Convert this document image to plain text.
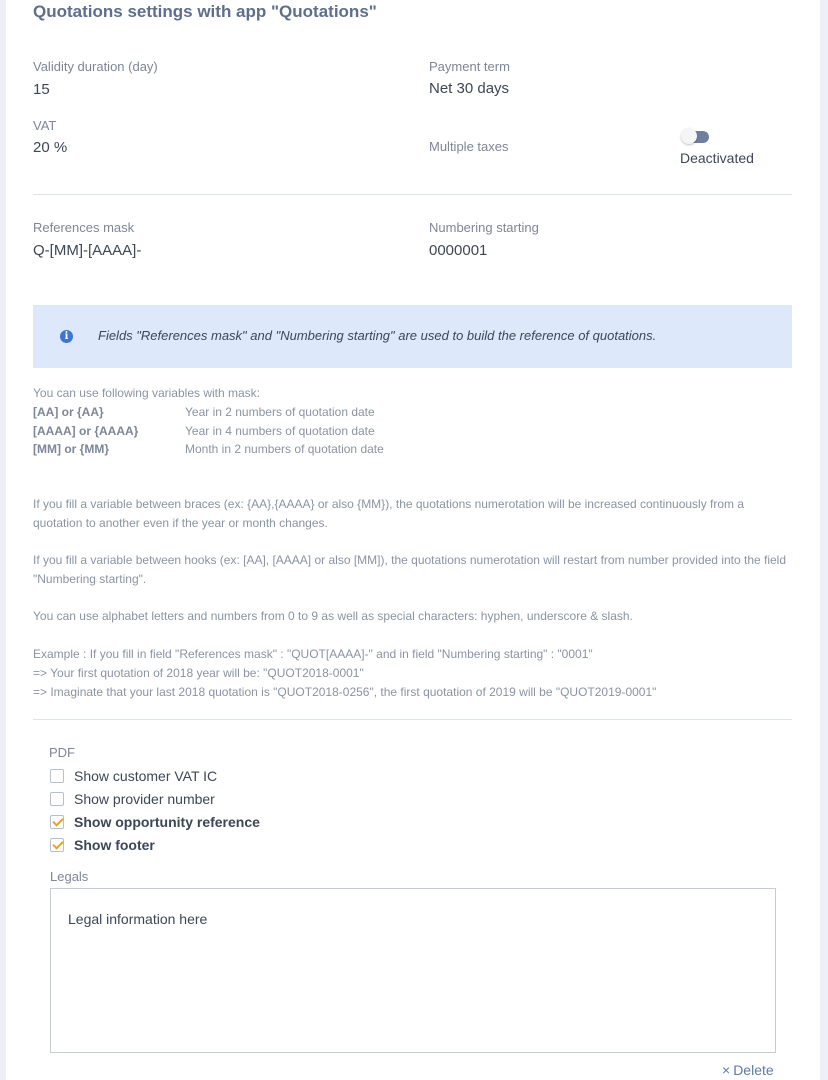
Quotations settings with app "Quotations"
Validity duration (day)
15
Payment term
Net 30 days
VAT
20 %	Multiple taxes
Deactivated
References mask
Q-[MM]-[AAAA]-
Numbering starting
0000001
i	Fields "References mask" and "Numbering starting" are used to build the reference of quotations.
You can use following variables with mask:
[AA] or {AA}	Year in 2 numbers of quotation date
[AAAA] or {AAAA}	Year in 4 numbers of quotation date
[MM] or {MM}	Month in 2 numbers of quotation date
If you fill a variable between braces (ex: {AA},{AAAA} or also {MM}), the quotations numerotation will be increased continuously from a quotation to another even if the year or month changes.
If you fill a variable between hooks (ex: [AA], [AAAA] or also [MM]), the quotations numerotation will restart from number provided into the field "Numbering starting".
You can use alphabet letters and numbers from 0 to 9 as well as special characters: hyphen, underscore & slash.
Example : If you fill in field "References mask" : "QUOT[AAAA]-" and in field "Numbering starting" : "0001"
=> Your first quotation of 2018 year will be: "QUOT2018-0001"
=> Imaginate that your last 2018 quotation is "QUOT2018-0256", the first quotation of 2019 will be "QUOT2019-0001"
PDF
Show customer VAT IC
Show provider number
Show opportunity reference
Show footer
Legals
Legal information here
× Delete
